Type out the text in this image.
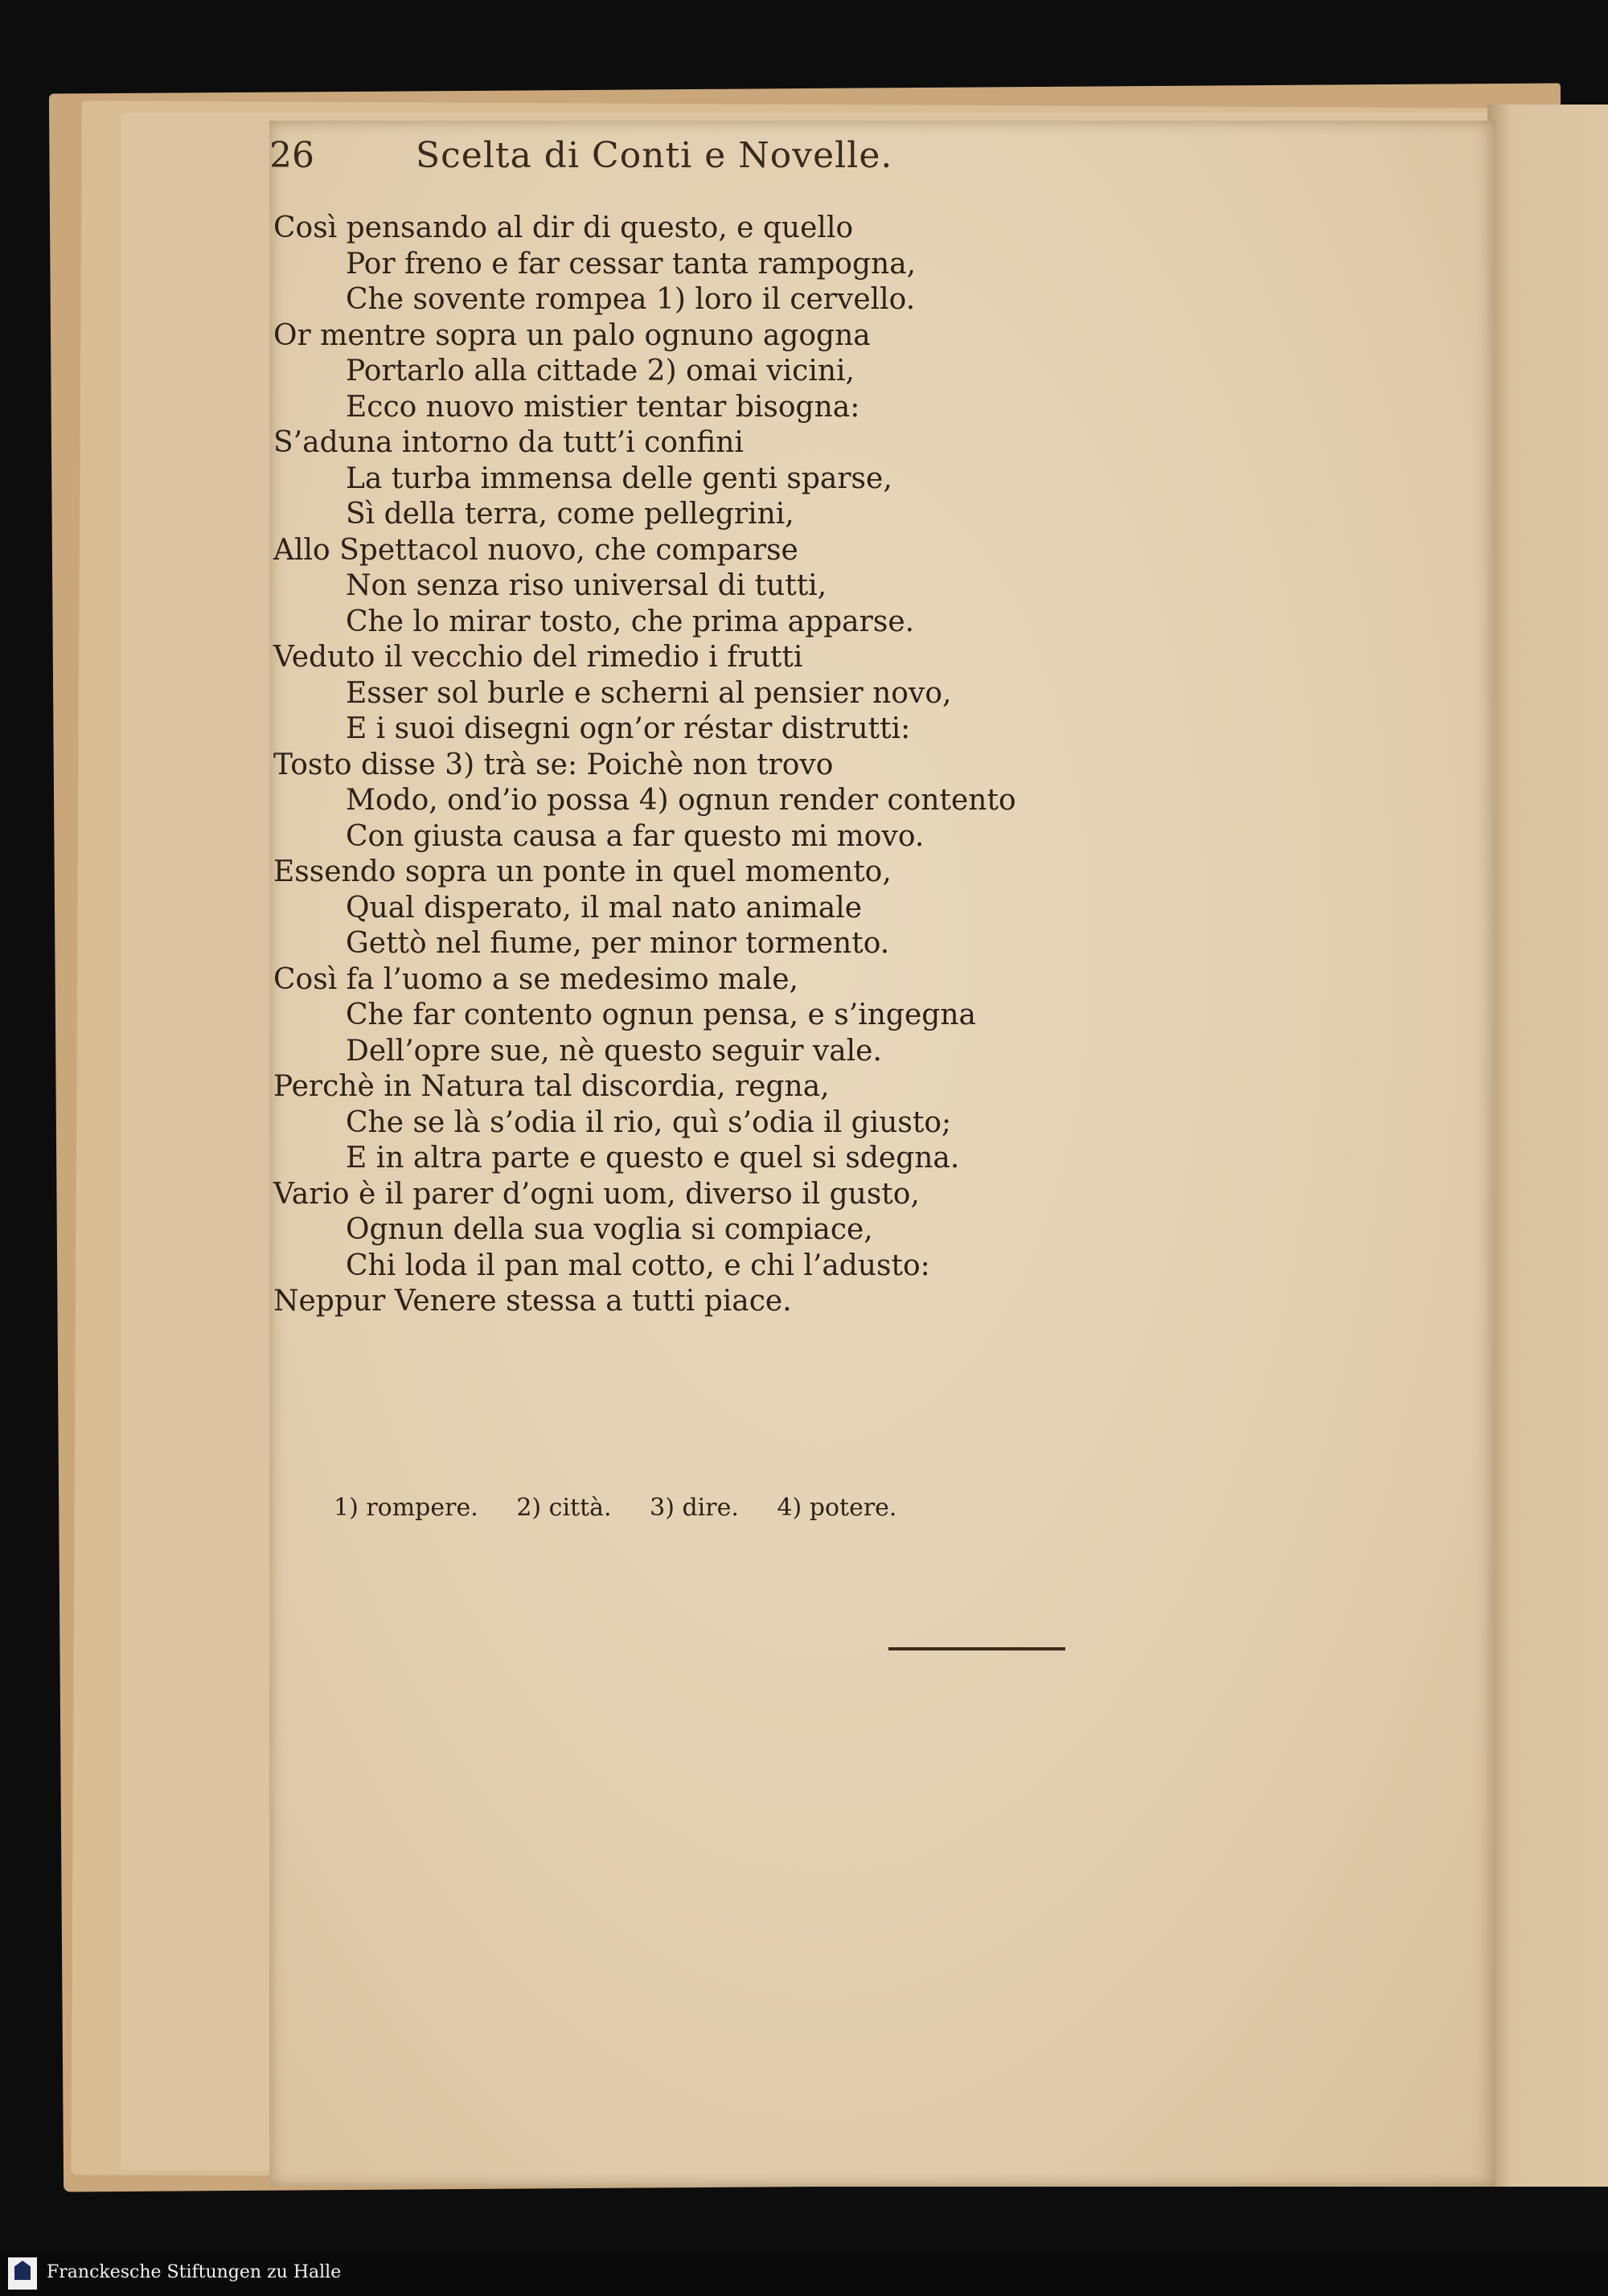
26	Scelta di Conti e Novelle.
Così pensando al dir di questo, e quello
Por freno e far cessar tanta rampogna,
Che sovente rompea 1) loro il cervello.
Or mentre sopra un palo ognuno agogna
Portarlo alla cittade 2) omai vicini,
Ecco nuovo mistier tentar bisogna:
S’aduna intorno da tutt’i confini
La turba immensa delle genti sparse,
Sì della terra, come pellegrini,
Allo Spettacol nuovo, che comparse
Non senza riso universal di tutti,
Che lo mirar tosto, che prima apparse.
Veduto il vecchio del rimedio i frutti
Esser sol burle e scherni al pensier novo,
E i suoi disegni ogn’or réstar distrutti:
Tosto disse 3) trà se: Poichè non trovo
Modo, ond’io possa 4) ognun render contento
Con giusta causa a far questo mi movo.
Essendo sopra un ponte in quel momento,
Qual disperato, il mal nato animale
Gettò nel fiume, per minor tormento.
Così fa l’uomo a se medesimo male,
Che far contento ognun pensa, e s’ingegna
Dell’opre sue, nè questo seguir vale.
Perchè in Natura tal discordia, regna,
Che se là s’odia il rio, quì s’odia il giusto;
E in altra parte e questo e quel si sdegna.
Vario è il parer d’ogni uom, diverso il gusto,
Ognun della sua voglia si compiace,
Chi loda il pan mal cotto, e chi l’adusto:
Neppur Venere stessa a tutti piace.
1) rompere. 2) città. 3) dire. 4) potere.
Franckesche Stiftungen zu Halle
